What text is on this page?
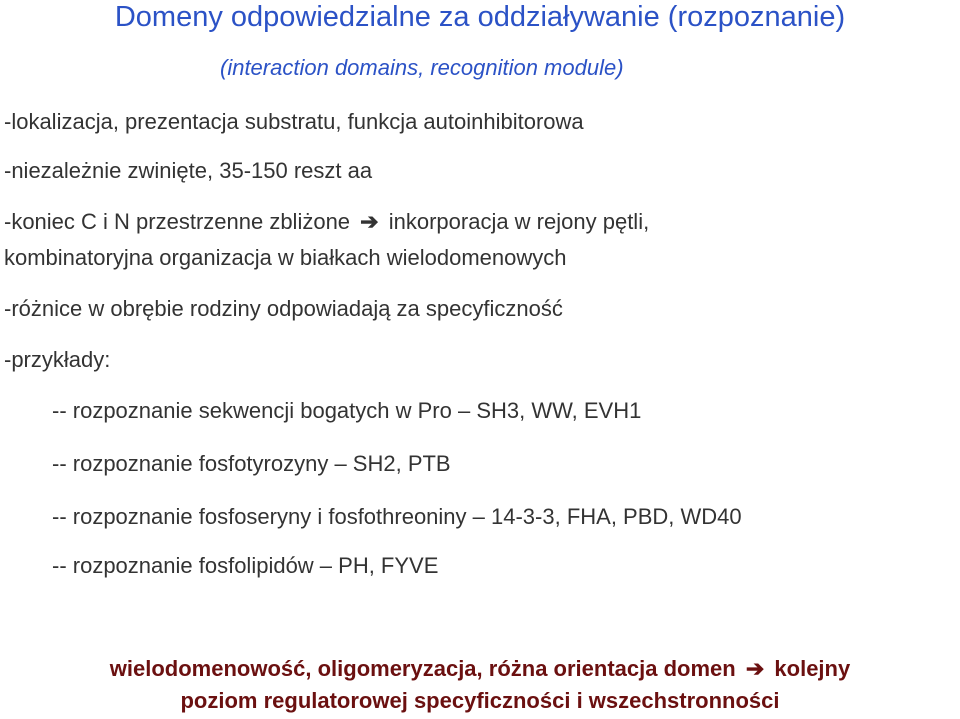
Domeny odpowiedzialne za oddziaływanie (rozpoznanie)
(interaction domains, recognition module)
-lokalizacja, prezentacja substratu, funkcja autoinhibitorowa
-niezależnie zwinięte, 35-150 reszt aa
-koniec C i N przestrzenne zbliżone ➔ inkorporacja w rejony pętli,
kombinatoryjna organizacja w białkach wielodomenowych
-różnice w obrębie rodziny odpowiadają za specyficzność
-przykłady:
-- rozpoznanie sekwencji bogatych w Pro – SH3, WW, EVH1
-- rozpoznanie fosfotyrozyny – SH2, PTB
-- rozpoznanie fosfoseryny i fosfothreoniny – 14-3-3, FHA, PBD, WD40
-- rozpoznanie fosfolipidów – PH, FYVE
wielodomenowość, oligomeryzacja, różna orientacja domen ➔ kolejny
poziom regulatorowej specyficzności i wszechstronności
